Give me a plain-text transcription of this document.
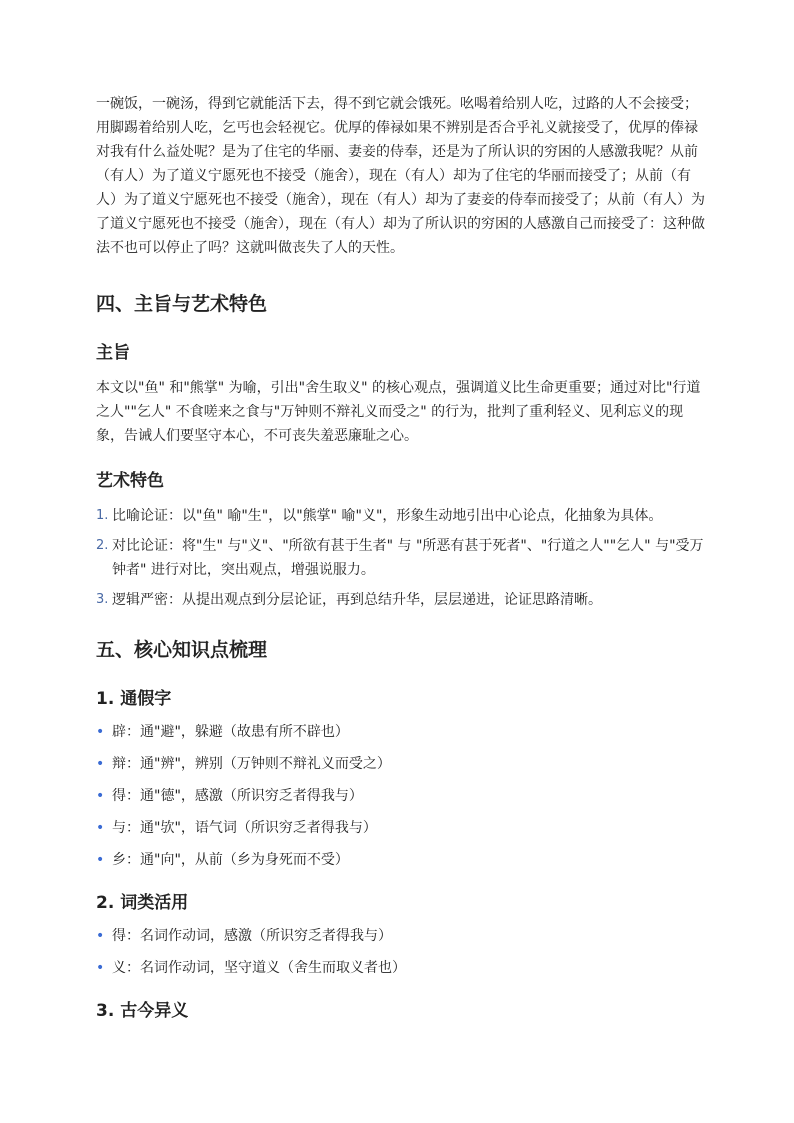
一碗饭，一碗汤，得到它就能活下去，得不到它就会饿死。吆喝着给别人吃，过路的人不会接受；用脚踢着给别人吃，乞丐也会轻视它。优厚的俸禄如果不辨别是否合乎礼义就接受了，优厚的俸禄对我有什么益处呢？是为了住宅的华丽、妻妾的侍奉，还是为了所认识的穷困的人感激我呢？从前（有人）为了道义宁愿死也不接受（施舍），现在（有人）却为了住宅的华丽而接受了；从前（有人）为了道义宁愿死也不接受（施舍），现在（有人）却为了妻妾的侍奉而接受了；从前（有人）为了道义宁愿死也不接受（施舍），现在（有人）却为了所认识的穷困的人感激自己而接受了：这种做法不也可以停止了吗？这就叫做丧失了人的天性。

四、主旨与艺术特色
主旨

本文以"鱼" 和"熊掌" 为喻，引出"舍生取义" 的核心观点，强调道义比生命更重要；通过对比"行道之人""乞人" 不食嗟来之食与"万钟则不辩礼义而受之" 的行为，批判了重利轻义、见利忘义的现象，告诫人们要坚守本心，不可丧失羞恶廉耻之心。

艺术特色
1. 比喻论证：以"鱼" 喻"生"，以"熊掌" 喻"义"，形象生动地引出中心论点，化抽象为具体。
2. 对比论证：将"生" 与"义"、"所欲有甚于生者" 与 "所恶有甚于死者"、"行道之人""乞人" 与"受万钟者" 进行对比，突出观点，增强说服力。
3. 逻辑严密：从提出观点到分层论证，再到总结升华，层层递进，论证思路清晰。
五、核心知识点梳理
1. 通假字
• 辟：通"避"，躲避（故患有所不辟也）
• 辩：通"辨"，辨别（万钟则不辩礼义而受之）
• 得：通"德"，感激（所识穷乏者得我与）
• 与：通"欤"，语气词（所识穷乏者得我与）
• 乡：通"向"，从前（乡为身死而不受）
2. 词类活用
• 得：名词作动词，感激（所识穷乏者得我与）
• 义：名词作动词，坚守道义（舍生而取义者也）
3. 古今异义
